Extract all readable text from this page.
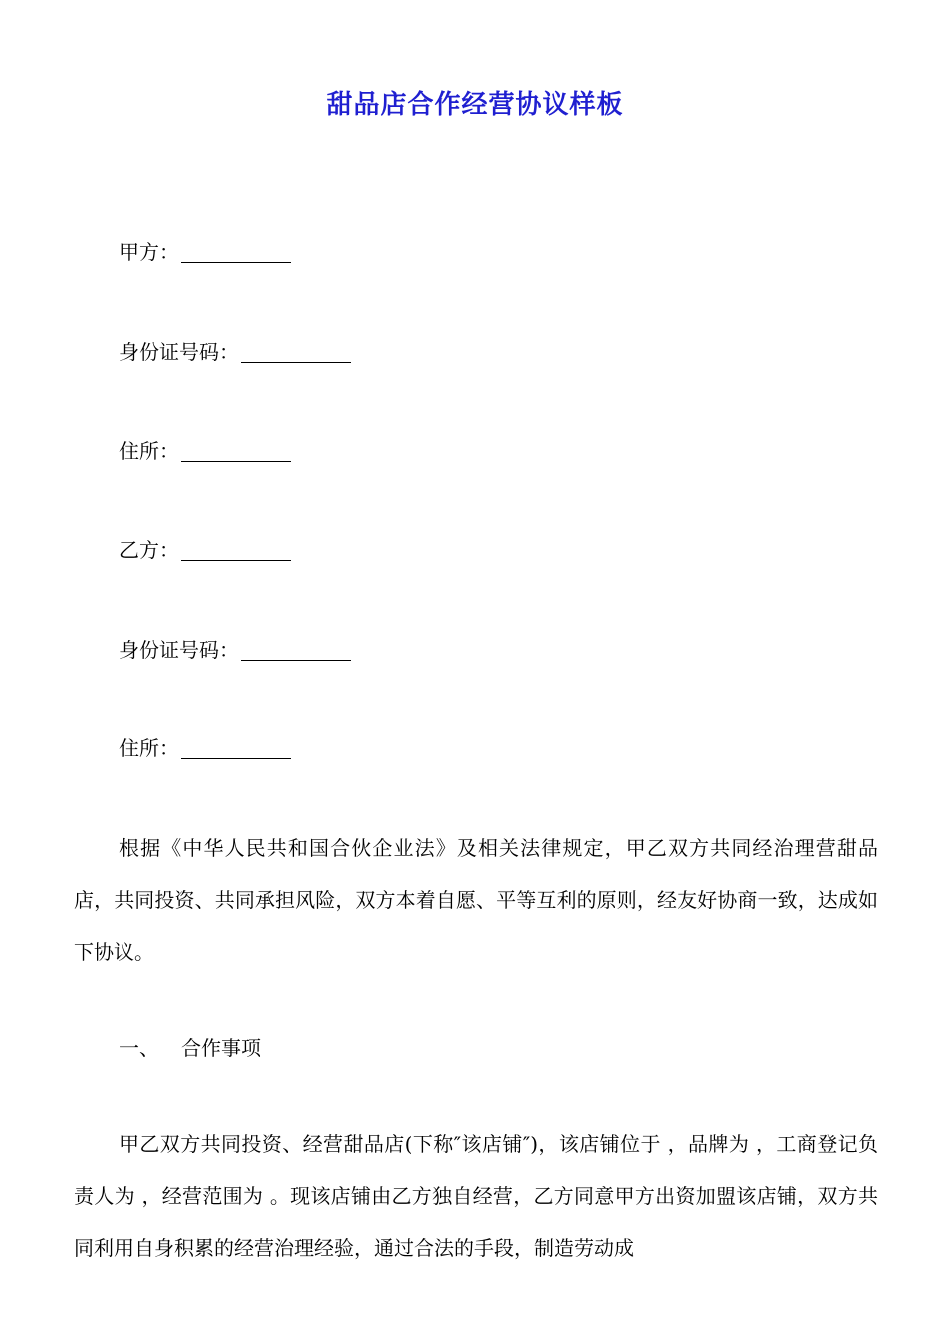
甜品店合作经营协议样板
甲方：
身份证号码：
住所：
乙方：
身份证号码：
住所：
根据《中华人民共和国合伙企业法》及相关法律规定，甲乙双方共同经治理营甜品店，共同投资、共同承担风险，双方本着自愿、平等互利的原则，经友好协商一致，达成如下协议。
一、 合作事项
甲乙双方共同投资、经营甜品店(下称″该店铺″)，该店铺位于 ，品牌为 ，工商登记负责人为 ，经营范围为 。现该店铺由乙方独自经营，乙方同意甲方出资加盟该店铺，双方共同利用自身积累的经营治理经验，通过合法的手段，制造劳动成
